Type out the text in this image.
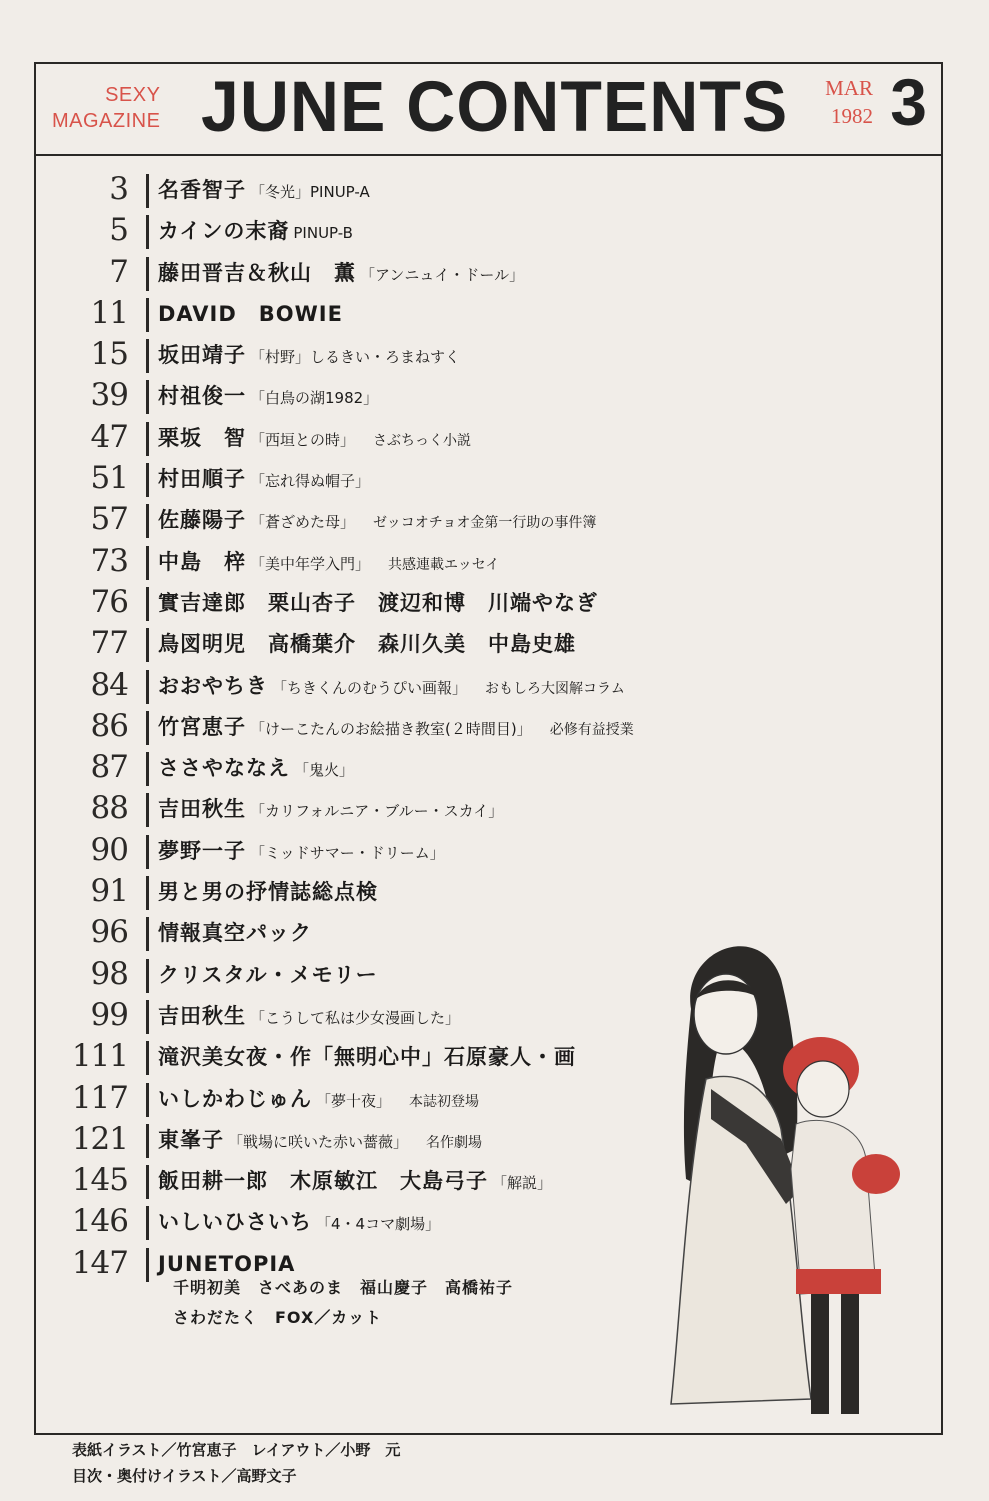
SEXY
MAGAZINE JUNE CONTENTS MAR
1982 3
3 名香智子 「冬光」PINUP-A
5 カインの末裔 PINUP-B
7 藤田晋吉＆秋山　薫 「アンニュイ・ドール」
11 DAVID　BOWIE
15 坂田靖子 「村野」しるきい・ろまねすく
39 村祖俊一 「白鳥の湖1982」
47 栗坂　智 「西垣との時」 さぶちっく小説
51 村田順子 「忘れ得ぬ帽子」
57 佐藤陽子 「蒼ざめた母」 ゼッコオチョオ金第一行助の事件簿
73 中島　梓 「美中年学入門」 共感連載エッセイ
76 實吉達郎　栗山杏子　渡辺和博　川端やなぎ
77 鳥図明児　高橋葉介　森川久美　中島史雄
84 おおやちき 「ちきくんのむうぴい画報」 おもしろ大図解コラム
86 竹宮恵子 「けーこたんのお絵描き教室(２時間目)」 必修有益授業
87 ささやななえ 「鬼火」
88 吉田秋生 「カリフォルニア・ブルー・スカイ」
90 夢野一子 「ミッドサマー・ドリーム」
91 男と男の抒情誌総点検
96 情報真空パック
98 クリスタル・メモリー
99 吉田秋生 「こうして私は少女漫画した」
111 滝沢美女夜・作「無明心中」石原豪人・画
117 いしかわじゅん 「夢十夜」 本誌初登場
121 東峯子 「戦場に咲いた赤い薔薇」 名作劇場
145 飯田耕一郎　木原敏江　大島弓子 「解説」
146 いしいひさいち 「4・4コマ劇場」
147 JUNETOPIA
千明初美　さべあのま　福山慶子　高橋祐子
さわだたく　FOX／カット
表紙イラスト／竹宮恵子　レイアウト／小野　元
目次・奥付けイラスト／高野文子
